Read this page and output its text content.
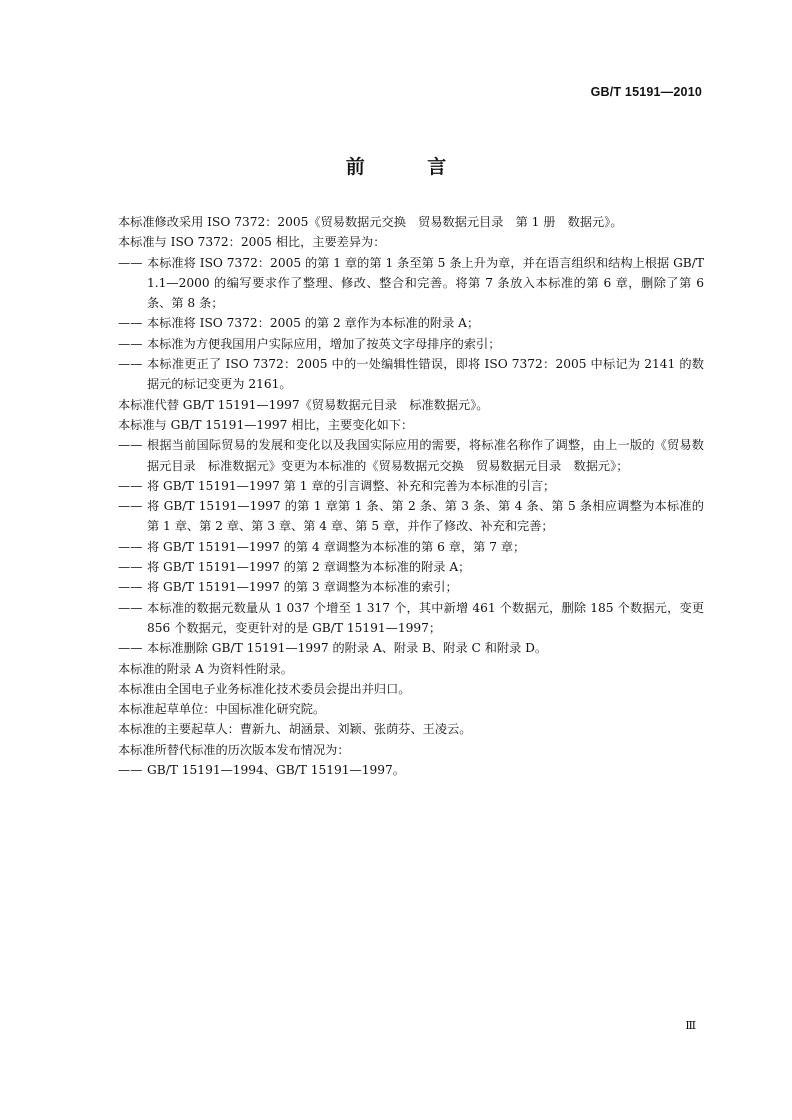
GB/T 15191—2010
前 言
本标准修改采用 ISO 7372：2005《贸易数据元交换　贸易数据元目录　第 1 册　数据元》。
本标准与 ISO 7372：2005 相比，主要差异为：
—— 本标准将 ISO 7372：2005 的第 1 章的第 1 条至第 5 条上升为章，并在语言组织和结构上根据 GB/T 1.1—2000 的编写要求作了整理、修改、整合和完善。将第 7 条放入本标准的第 6 章，删除了第 6 条、第 8 条；
—— 本标准将 ISO 7372：2005 的第 2 章作为本标准的附录 A；
—— 本标准为方便我国用户实际应用，增加了按英文字母排序的索引；
—— 本标准更正了 ISO 7372：2005 中的一处编辑性错误，即将 ISO 7372：2005 中标记为 2141 的数据元的标记变更为 2161。
本标准代替 GB/T 15191—1997《贸易数据元目录　标准数据元》。
本标准与 GB/T 15191—1997 相比，主要变化如下：
—— 根据当前国际贸易的发展和变化以及我国实际应用的需要，将标准名称作了调整，由上一版的《贸易数据元目录　标准数据元》变更为本标准的《贸易数据元交换　贸易数据元目录　数据元》；
—— 将 GB/T 15191—1997 第 1 章的引言调整、补充和完善为本标准的引言；
—— 将 GB/T 15191—1997 的第 1 章第 1 条、第 2 条、第 3 条、第 4 条、第 5 条相应调整为本标准的第 1 章、第 2 章、第 3 章、第 4 章、第 5 章，并作了修改、补充和完善；
—— 将 GB/T 15191—1997 的第 4 章调整为本标准的第 6 章，第 7 章；
—— 将 GB/T 15191—1997 的第 2 章调整为本标准的附录 A；
—— 将 GB/T 15191—1997 的第 3 章调整为本标准的索引；
—— 本标准的数据元数量从 1 037 个增至 1 317 个，其中新增 461 个数据元，删除 185 个数据元，变更 856 个数据元，变更针对的是 GB/T 15191—1997；
—— 本标准删除 GB/T 15191—1997 的附录 A、附录 B、附录 C 和附录 D。
本标准的附录 A 为资料性附录。
本标准由全国电子业务标准化技术委员会提出并归口。
本标准起草单位：中国标准化研究院。
本标准的主要起草人：曹新九、胡涵景、刘颖、张荫芬、王凌云。
本标准所替代标准的历次版本发布情况为：
—— GB/T 15191—1994、GB/T 15191—1997。
Ⅲ
